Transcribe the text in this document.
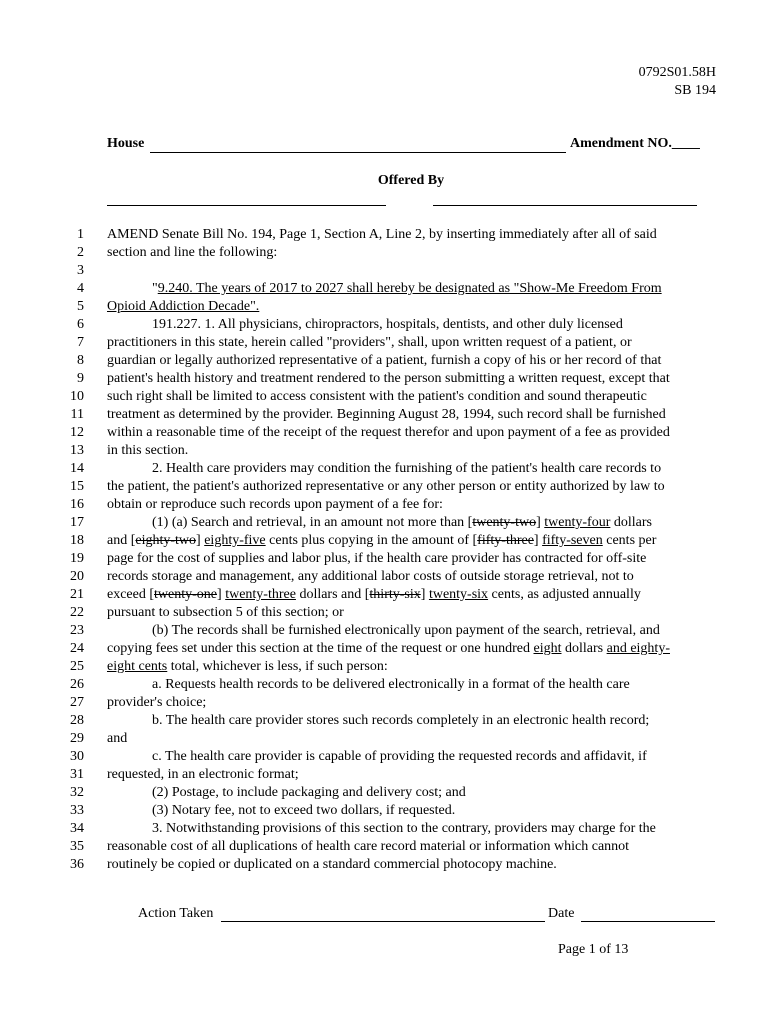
0792S01.58H
SB 194
House	Amendment NO.____
Offered By
1 AMEND Senate Bill No. 194, Page 1, Section A, Line 2, by inserting immediately after all of said
2 section and line the following:
3
4	"9.240. The years of 2017 to 2027 shall hereby be designated as "Show-Me Freedom From
5 Opioid Addiction Decade".
6	191.227. 1. All physicians, chiropractors, hospitals, dentists, and other duly licensed
7 practitioners in this state, herein called "providers", shall, upon written request of a patient, or
8 guardian or legally authorized representative of a patient, furnish a copy of his or her record of that
9 patient's health history and treatment rendered to the person submitting a written request, except that
10 such right shall be limited to access consistent with the patient's condition and sound therapeutic
11 treatment as determined by the provider. Beginning August 28, 1994, such record shall be furnished
12 within a reasonable time of the receipt of the request therefor and upon payment of a fee as provided
13 in this section.
14	2. Health care providers may condition the furnishing of the patient's health care records to
15 the patient, the patient's authorized representative or any other person or entity authorized by law to
16 obtain or reproduce such records upon payment of a fee for:
17	(1) (a) Search and retrieval, in an amount not more than [twenty-two] twenty-four dollars
18 and [eighty-two] eighty-five cents plus copying in the amount of [fifty-three] fifty-seven cents per
19 page for the cost of supplies and labor plus, if the health care provider has contracted for off-site
20 records storage and management, any additional labor costs of outside storage retrieval, not to
21 exceed [twenty-one] twenty-three dollars and [thirty-six] twenty-six cents, as adjusted annually
22 pursuant to subsection 5 of this section; or
23	(b) The records shall be furnished electronically upon payment of the search, retrieval, and
24 copying fees set under this section at the time of the request or one hundred eight dollars and eighty-
25 eight cents total, whichever is less, if such person:
26	a. Requests health records to be delivered electronically in a format of the health care
27 provider's choice;
28	b. The health care provider stores such records completely in an electronic health record;
29 and
30	c. The health care provider is capable of providing the requested records and affidavit, if
31 requested, in an electronic format;
32	(2) Postage, to include packaging and delivery cost; and
33	(3) Notary fee, not to exceed two dollars, if requested.
34	3. Notwithstanding provisions of this section to the contrary, providers may charge for the
35 reasonable cost of all duplications of health care record material or information which cannot
36 routinely be copied or duplicated on a standard commercial photocopy machine.
Action Taken	Date
Page 1 of 13
